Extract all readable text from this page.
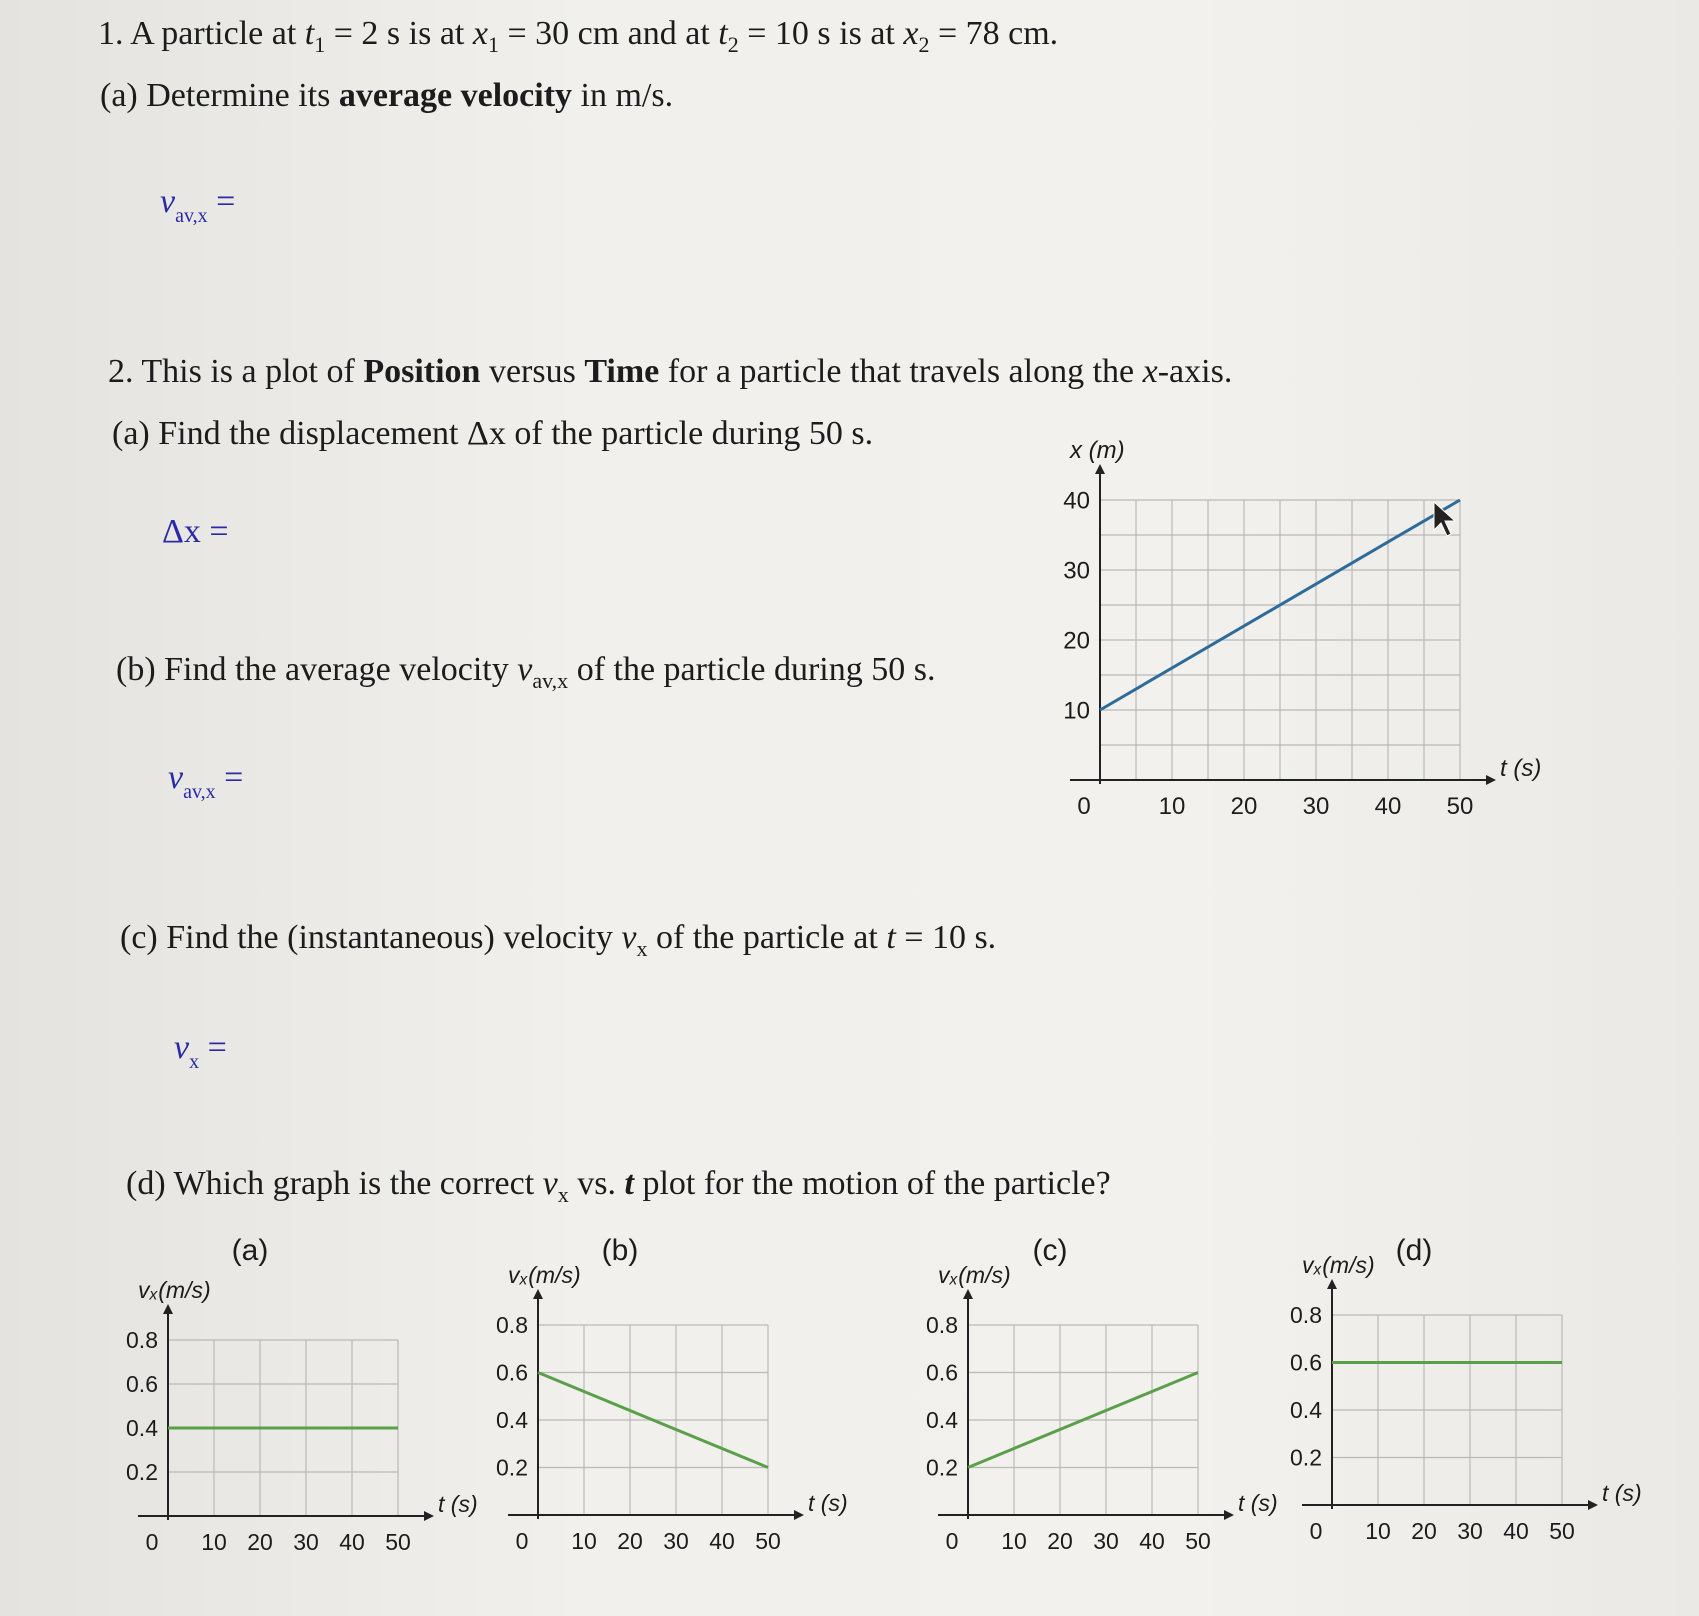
1. A particle at $t_1 = 2$ s is at $x_1 = 30$ cm and at $t_2 = 10$ s is at $x_2 = 78$ cm.
(a) Determine its average velocity in m/s.
$v_{av,x}$ =
2. This is a plot of Position versus Time for a particle that travels along the x-axis.
(a) Find the displacement Δx of the particle during 50 s.
Δx =
(b) Find the average velocity $v_{av,x}$ of the particle during 50 s.
$v_{av,x}$ =
(c) Find the (instantaneous) velocity $v_x$ of the particle at t = 10 s.
$v_x$ =
(d) Which graph is the correct $v_x$ vs. t plot for the motion of the particle?
x (m)
t (s)
0	10 20 30 40 50
10
20
30
40
(a)
vₓ(m/s)
t (s)
0 10 20 30 40 50
0.2
0.4
0.6
0.8
(b)
vₓ(m/s)
t (s)
0 10 20 30 40 50
0.2
0.4
0.6
0.8
(c)
vₓ(m/s)
t (s)
0 10 20 30 40 50
0.2
0.4
0.6
0.8
(d)
vₓ(m/s)
t (s)
0 10 20 30 40 50
0.2
0.4
0.6
0.8
